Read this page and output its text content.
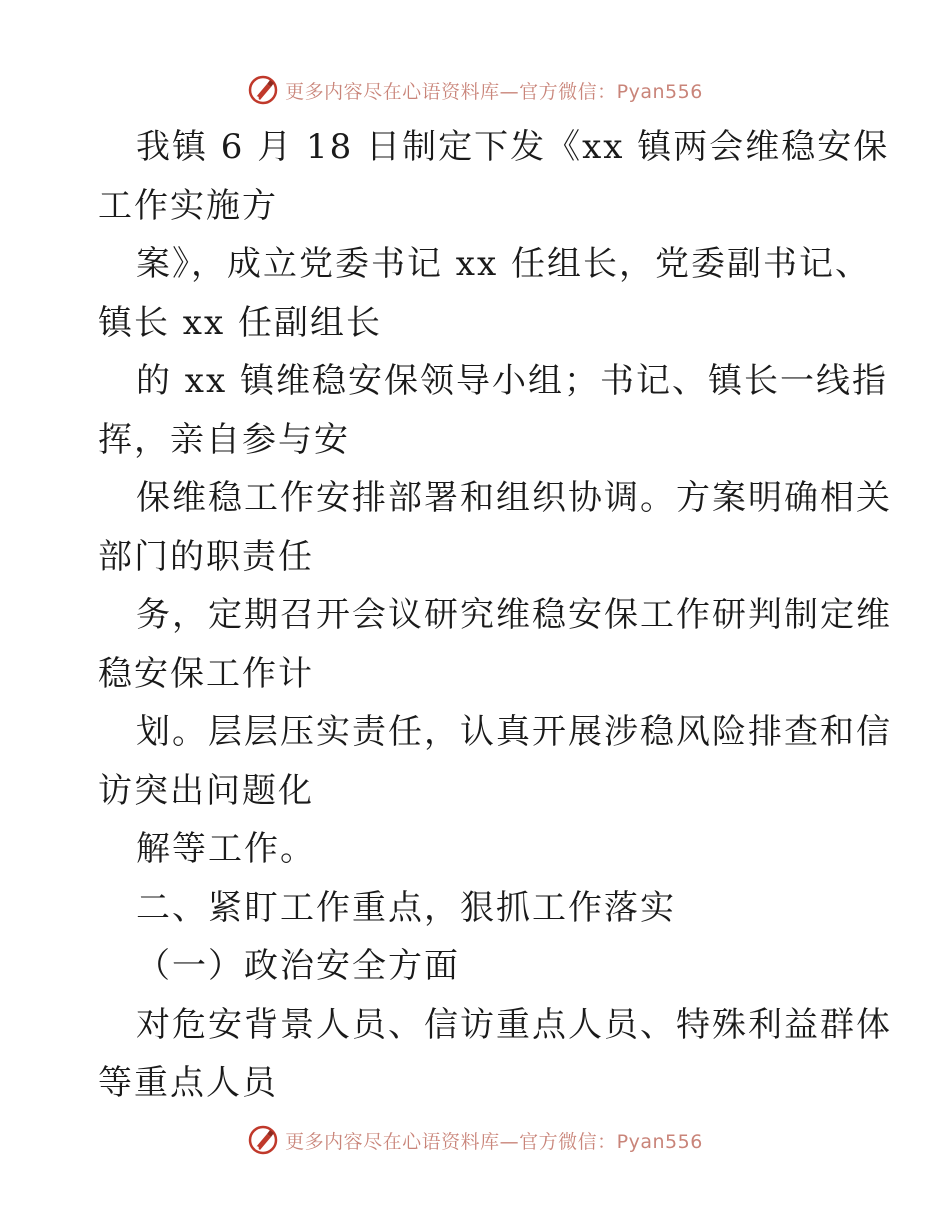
更多内容尽在心语资料库—官方微信：Pyan556
我镇 6 月 18 日制定下发《xx 镇两会维稳安保
工作实施方
案》，成立党委书记 xx 任组长，党委副书记、
镇长 xx 任副组长
的 xx 镇维稳安保领导小组；书记、镇长一线指
挥，亲自参与安
保维稳工作安排部署和组织协调。方案明确相关
部门的职责任
务，定期召开会议研究维稳安保工作研判制定维
稳安保工作计
划。层层压实责任，认真开展涉稳风险排查和信
访突出问题化
解等工作。
二、紧盯工作重点，狠抓工作落实
（一）政治安全方面
对危安背景人员、信访重点人员、特殊利益群体
等重点人员
更多内容尽在心语资料库—官方微信：Pyan556
